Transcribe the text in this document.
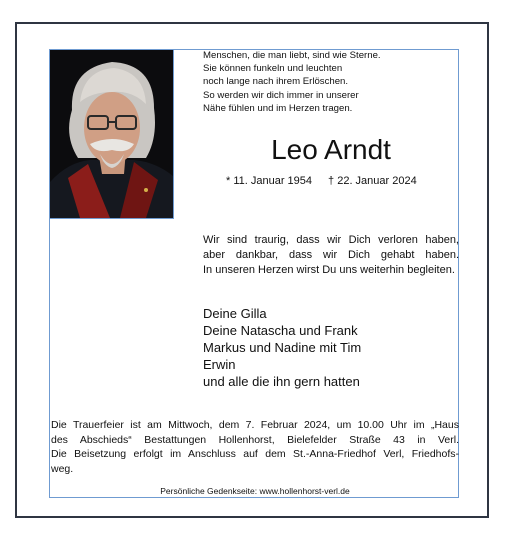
Menschen, die man liebt, sind wie Sterne.
Sie können funkeln und leuchten
noch lange nach ihrem Erlöschen.
So werden wir dich immer in unserer
Nähe fühlen und im Herzen tragen.
Leo Arndt
* 11. Januar 1954 † 22. Januar 2024
Wir sind traurig, dass wir Dich verloren haben,
aber dankbar, dass wir Dich gehabt haben.
In unseren Herzen wirst Du uns weiterhin begleiten.
Deine Gilla
Deine Natascha und Frank
Markus und Nadine mit Tim
Erwin
und alle die ihn gern hatten
Die Trauerfeier ist am Mittwoch, dem 7. Februar 2024, um 10.00 Uhr im „Haus
des Abschieds“ Bestattungen Hollenhorst, Bielefelder Straße 43 in Verl.
Die Beisetzung erfolgt im Anschluss auf dem St.-Anna-Friedhof Verl, Friedhofs-
weg.
Persönliche Gedenkseite: www.hollenhorst-verl.de
